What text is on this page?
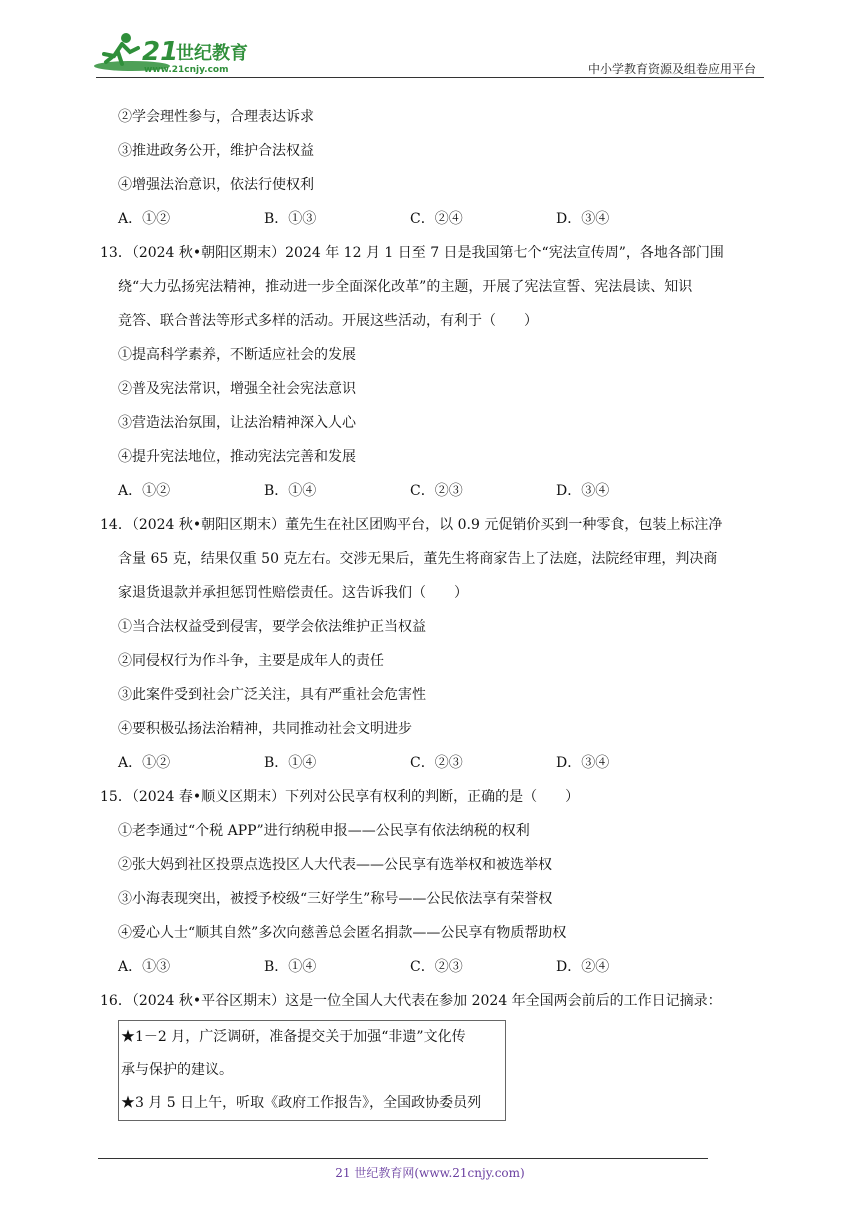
21
世纪教育
www.21cnjy.com	中小学教育资源及组卷应用平台
②学会理性参与，合理表达诉求
③推进政务公开，维护合法权益
④增强法治意识，依法行使权利
A．①②	B．①③	C．②④	D．③④
13．（2024 秋•朝阳区期末）2024 年 12 月 1 日至 7 日是我国第七个“宪法宣传周”，各地各部门围
绕“大力弘扬宪法精神，推动进一步全面深化改革”的主题，开展了宪法宣誓、宪法晨读、知识
竞答、联合普法等形式多样的活动。开展这些活动，有利于（　　）
①提高科学素养，不断适应社会的发展
②普及宪法常识，增强全社会宪法意识
③营造法治氛围，让法治精神深入人心
④提升宪法地位，推动宪法完善和发展
A．①②	B．①④	C．②③	D．③④
14．（2024 秋•朝阳区期末）董先生在社区团购平台，以 0.9 元促销价买到一种零食，包装上标注净
含量 65 克，结果仅重 50 克左右。交涉无果后，董先生将商家告上了法庭，法院经审理，判决商
家退货退款并承担惩罚性赔偿责任。这告诉我们（　　）
①当合法权益受到侵害，要学会依法维护正当权益
②同侵权行为作斗争，主要是成年人的责任
③此案件受到社会广泛关注，具有严重社会危害性
④要积极弘扬法治精神，共同推动社会文明进步
A．①②	B．①④	C．②③	D．③④
15．（2024 春•顺义区期末）下列对公民享有权利的判断，正确的是（　　）
①老李通过“个税 APP”进行纳税申报——公民享有依法纳税的权利
②张大妈到社区投票点选投区人大代表——公民享有选举权和被选举权
③小海表现突出，被授予校级“三好学生”称号——公民依法享有荣誉权
④爱心人士“顺其自然”多次向慈善总会匿名捐款——公民享有物质帮助权
A．①③	B．①④	C．②③	D．②④
16．（2024 秋•平谷区期末）这是一位全国人大代表在参加 2024 年全国两会前后的工作日记摘录：
★1－2 月，广泛调研，准备提交关于加强“非遗”文化传
承与保护的建议。
★3 月 5 日上午，听取《政府工作报告》，全国政协委员列
21 世纪教育网(www.21cnjy.com)
